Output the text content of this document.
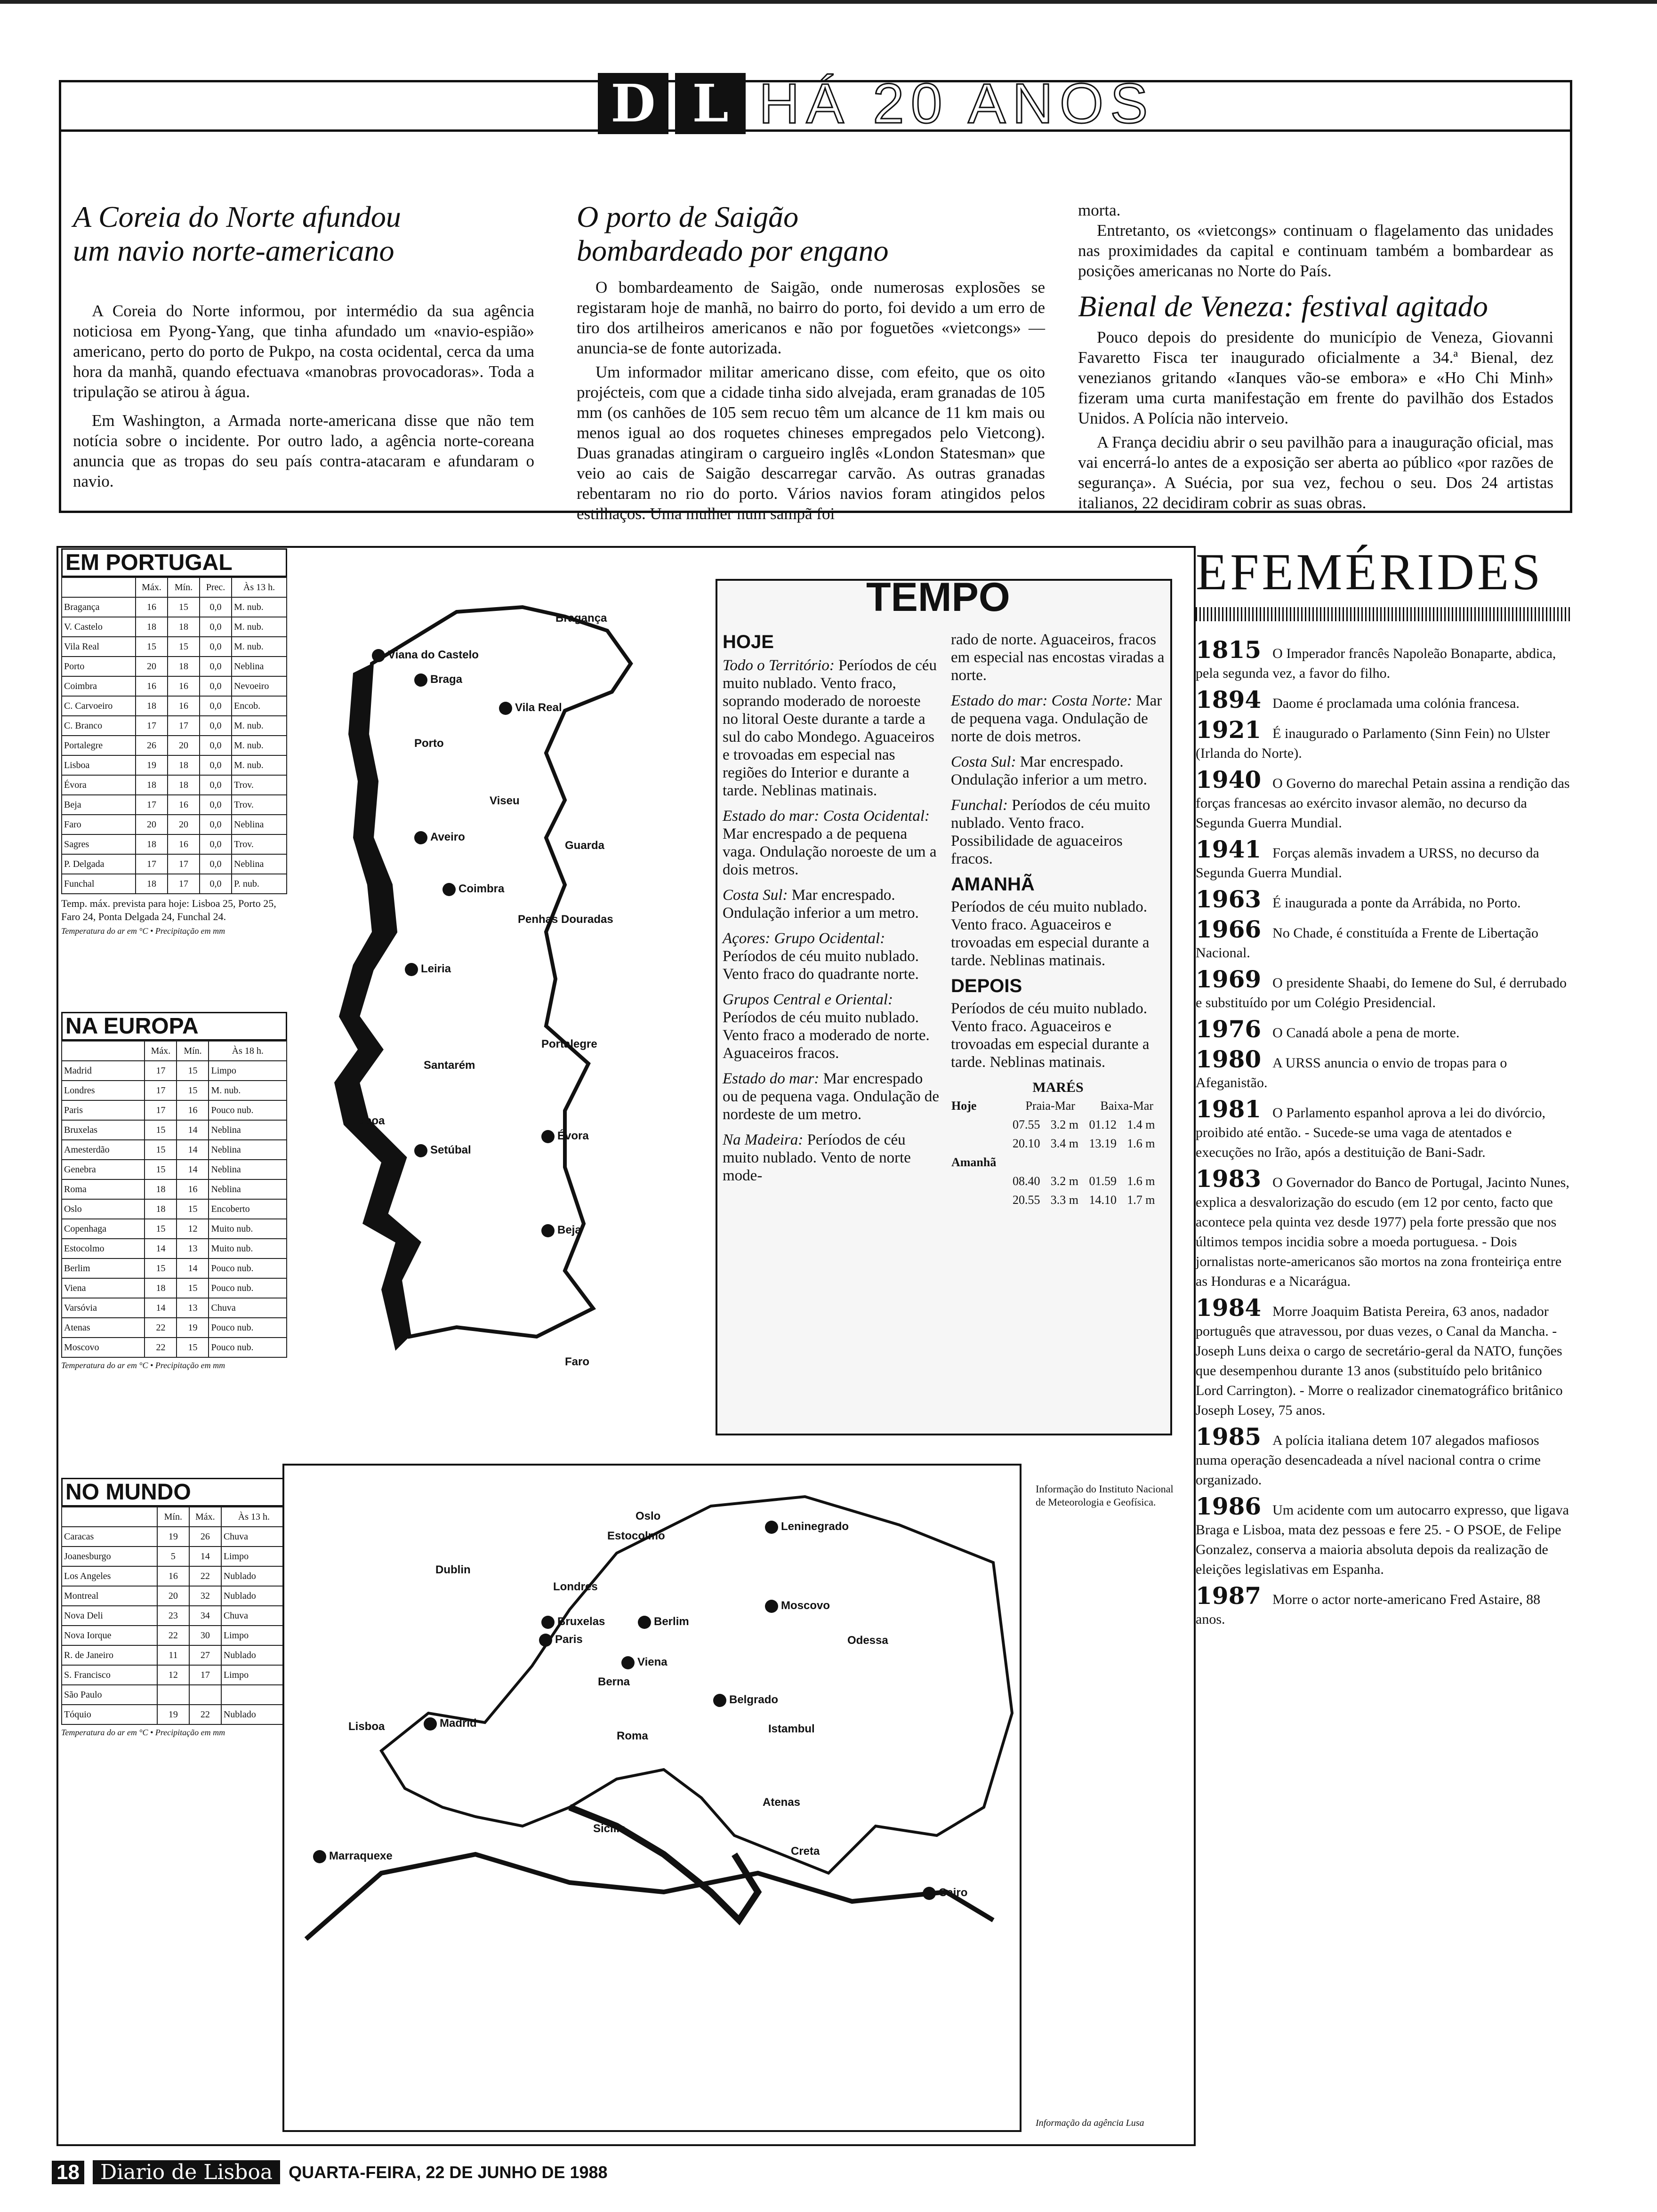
D L HÁ 20 ANOS
A Coreia do Norte afundou um navio norte-americano

A Coreia do Norte informou, por intermédio da sua agência noticiosa em Pyong-Yang, que tinha afundado um «navio-espião» americano, perto do porto de Pukpo, na costa ocidental, cerca da uma hora da manhã, quando efectuava «manobras provocadoras». Toda a tripulação se atirou à água.

Em Washington, a Armada norte-americana disse que não tem notícia sobre o incidente. Por outro lado, a agência norte-coreana anuncia que as tropas do seu país contra-atacaram e afundaram o navio.

O porto de Saigão bombardeado por engano

O bombardeamento de Saigão, onde numerosas explosões se registaram hoje de manhã, no bairro do porto, foi devido a um erro de tiro dos artilheiros americanos e não por foguetões «vietcongs» — anuncia-se de fonte autorizada.

Um informador militar americano disse, com efeito, que os oito projécteis, com que a cidade tinha sido alvejada, eram granadas de 105 mm (os canhões de 105 sem recuo têm um alcance de 11 km mais ou menos igual ao dos roquetes chineses empregados pelo Vietcong). Duas granadas atingiram o cargueiro inglês «London Statesman» que veio ao cais de Saigão descarregar carvão. As outras granadas rebentaram no rio do porto. Vários navios foram atingidos pelos estilhaços. Uma mulher num sampã foi

morta.

Entretanto, os «vietcongs» continuam o flagelamento das unidades nas proximidades da capital e continuam também a bombardear as posições americanas no Norte do País.

Bienal de Veneza: festival agitado

Pouco depois do presidente do município de Veneza, Giovanni Favaretto Fisca ter inaugurado oficialmente a 34.ª Bienal, dez venezianos gritando «Ianques vão-se embora» e «Ho Chi Minh» fizeram uma curta manifestação em frente do pavilhão dos Estados Unidos. A Polícia não interveio.

A França decidiu abrir o seu pavilhão para a inauguração oficial, mas vai encerrá-lo antes de a exposição ser aberta ao público «por razões de segurança». A Suécia, por sua vez, fechou o seu. Dos 24 artistas italianos, 22 decidiram cobrir as suas obras.

EM PORTUGAL
	Máx.	Mín.	Prec.	Às 13 h.
Bragança	16	15	0,0	M. nub.
V. Castelo	18	18	0,0	M. nub.
Vila Real	15	15	0,0	M. nub.
Porto	20	18	0,0	Neblina
Coimbra	16	16	0,0	Nevoeiro
C. Carvoeiro	18	16	0,0	Encob.
C. Branco	17	17	0,0	M. nub.
Portalegre	26	20	0,0	M. nub.
Lisboa	19	18	0,0	M. nub.
Évora	18	18	0,0	Trov.
Beja	17	16	0,0	Trov.
Faro	20	20	0,0	Neblina
Sagres	18	16	0,0	Trov.
P. Delgada	17	17	0,0	Neblina
Funchal	18	17	0,0	P. nub.
Temp. máx. prevista para hoje: Lisboa 25, Porto 25, Faro 24, Ponta Delgada 24, Funchal 24.
Temperatura do ar em °C • Precipitação em mm
NA EUROPA
	Máx.	Mín.	Às 18 h.
Madrid	17	15	Limpo
Londres	17	15	M. nub.
Paris	17	16	Pouco nub.
Bruxelas	15	14	Neblina
Amesterdão	15	14	Neblina
Genebra	15	14	Neblina
Roma	18	16	Neblina
Oslo	18	15	Encoberto
Copenhaga	15	12	Muito nub.
Estocolmo	14	13	Muito nub.
Berlim	15	14	Pouco nub.
Viena	18	15	Pouco nub.
Varsóvia	14	13	Chuva
Atenas	22	19	Pouco nub.
Moscovo	22	15	Pouco nub.
Temperatura do ar em °C • Precipitação em mm
NO MUNDO
	Mín.	Máx.	Às 13 h.
Caracas	19	26	Chuva
Joanesburgo	5	14	Limpo
Los Angeles	16	22	Nublado
Montreal	20	32	Nublado
Nova Deli	23	34	Chuva
Nova Iorque	22	30	Limpo
R. de Janeiro	11	27	Nublado
S. Francisco	12	17	Limpo
São Paulo			
Tóquio	19	22	Nublado
Temperatura do ar em °C • Precipitação em mm
Viana do Castelo
Bragança
Braga
Vila Real
Porto
Viseu
Aveiro
Guarda
Coimbra
Penhas Douradas
Leiria
Portalegre
Santarém
Lisboa
Setúbal
Évora
Beja
Faro
TEMPO
HOJE

Todo o Território: Períodos de céu muito nublado. Vento fraco, soprando moderado de noroeste no litoral Oeste durante a tarde a sul do cabo Mondego. Aguaceiros e trovoadas em especial nas regiões do Interior e durante a tarde. Neblinas matinais.

Estado do mar: Costa Ocidental: Mar encrespado a de pequena vaga. Ondulação noroeste de um a dois metros.

Costa Sul: Mar encrespado. Ondulação inferior a um metro.

Açores: Grupo Ocidental: Períodos de céu muito nublado. Vento fraco do quadrante norte.

Grupos Central e Oriental: Períodos de céu muito nublado. Vento fraco a moderado de norte. Aguaceiros fracos.

Estado do mar: Mar encrespado ou de pequena vaga. Ondulação de nordeste de um metro.

Na Madeira: Períodos de céu muito nublado. Vento de norte mode-

rado de norte. Aguaceiros, fracos em especial nas encostas viradas a norte.

Estado do mar: Costa Norte: Mar de pequena vaga. Ondulação de norte de dois metros.

Costa Sul: Mar encrespado. Ondulação inferior a um metro.

Funchal: Períodos de céu muito nublado. Vento fraco. Possibilidade de aguaceiros fracos.

AMANHÃ

Períodos de céu muito nublado. Vento fraco. Aguaceiros e trovoadas em especial durante a tarde. Neblinas matinais.

DEPOIS

Períodos de céu muito nublado. Vento fraco. Aguaceiros e trovoadas em especial durante a tarde. Neblinas matinais.

MARÉS
Hoje	Praia-Mar		Baixa-Mar	
	07.55	3.2 m	01.12	1.4 m
	20.10	3.4 m	13.19	1.6 m
Amanhã				
	08.40	3.2 m	01.59	1.6 m
	20.55	3.3 m	14.10	1.7 m
Informação do Instituto Nacional de Meteorologia e Geofísica.
Oslo
Estocolmo
Leninegrado
Dublin
Londres
Berlim
Moscovo
Bruxelas
Paris
Viena
Odessa
Berna
Belgrado
Lisboa	Madrid
Roma
Istambul
Atenas
Sicília
Creta
Marraquexe
Cairo
Informação da agência Lusa
EFEMÉRIDES
1815 O Imperador francês Napoleão Bonaparte, abdica, pela segunda vez, a favor do filho.
1894 Daome é proclamada uma colónia francesa.
1921 É inaugurado o Parlamento (Sinn Fein) no Ulster (Irlanda do Norte).
1940 O Governo do marechal Petain assina a rendição das forças francesas ao exército invasor alemão, no decurso da Segunda Guerra Mundial.
1941 Forças alemãs invadem a URSS, no decurso da Segunda Guerra Mundial.
1963 É inaugurada a ponte da Arrábida, no Porto.
1966 No Chade, é constituída a Frente de Libertação Nacional.
1969 O presidente Shaabi, do Iemene do Sul, é derrubado e substituído por um Colégio Presidencial.
1976 O Canadá abole a pena de morte.
1980 A URSS anuncia o envio de tropas para o Afeganistão.
1981 O Parlamento espanhol aprova a lei do divórcio, proibido até então. - Sucede-se uma vaga de atentados e execuções no Irão, após a destituição de Bani-Sadr.
1983 O Governador do Banco de Portugal, Jacinto Nunes, explica a desvalorização do escudo (em 12 por cento, facto que acontece pela quinta vez desde 1977) pela forte pressão que nos últimos tempos incidia sobre a moeda portuguesa. - Dois jornalistas norte-americanos são mortos na zona fronteiriça entre as Honduras e a Nicarágua.
1984 Morre Joaquim Batista Pereira, 63 anos, nadador português que atravessou, por duas vezes, o Canal da Mancha. -Joseph Luns deixa o cargo de secretário-geral da NATO, funções que desempenhou durante 13 anos (substituído pelo britânico Lord Carrington). - Morre o realizador cinematográfico britânico Joseph Losey, 75 anos.
1985 A polícia italiana detem 107 alegados mafiosos numa operação desencadeada a nível nacional contra o crime organizado.
1986 Um acidente com um autocarro expresso, que ligava Braga e Lisboa, mata dez pessoas e fere 25. - O PSOE, de Felipe Gonzalez, conserva a maioria absoluta depois da realização de eleições legislativas em Espanha.
1987 Morre o actor norte-americano Fred Astaire, 88 anos.
18	Diario de Lisboa QUARTA-FEIRA, 22 DE JUNHO DE 1988
